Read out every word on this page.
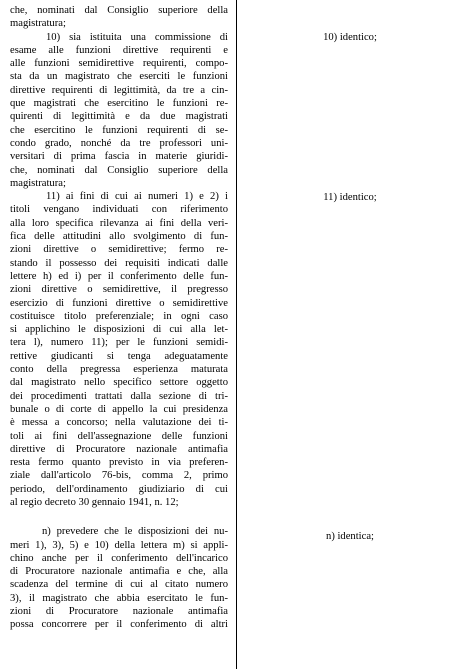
che, nominati dal Consiglio superiore della
magistratura;
10) sia istituita una commissione di
esame alle funzioni direttive requirenti e
alle funzioni semidirettive requirenti, compo-
sta da un magistrato che eserciti le funzioni
direttive requirenti di legittimità, da tre a cin-
que magistrati che esercitino le funzioni re-
quirenti di legittimità e da due magistrati
che esercitino le funzioni requirenti di se-
condo grado, nonché da tre professori uni-
versitari di prima fascia in materie giuridi-
che, nominati dal Consiglio superiore della
magistratura;
11) ai fini di cui ai numeri 1) e 2) i
titoli vengano individuati con riferimento
alla loro specifica rilevanza ai fini della veri-
fica delle attitudini allo svolgimento di fun-
zioni direttive o semidirettive; fermo re-
stando il possesso dei requisiti indicati dalle
lettere h) ed i) per il conferimento delle fun-
zioni direttive o semidirettive, il pregresso
esercizio di funzioni direttive o semidirettive
costituisce titolo preferenziale; in ogni caso
si applichino le disposizioni di cui alla let-
tera l), numero 11); per le funzioni semidi-
rettive giudicanti si tenga adeguatamente
conto della pregressa esperienza maturata
dal magistrato nello specifico settore oggetto
dei procedimenti trattati dalla sezione di tri-
bunale o di corte di appello la cui presidenza
è messa a concorso; nella valutazione dei ti-
toli ai fini dell'assegnazione delle funzioni
direttive di Procuratore nazionale antimafia
resta fermo quanto previsto in via preferen-
ziale dall'articolo 76-bis, comma 2, primo
periodo, dell'ordinamento giudiziario di cui
al regio decreto 30 gennaio 1941, n. 12;
n) prevedere che le disposizioni dei nu-
meri 1), 3), 5) e 10) della lettera m) si appli-
chino anche per il conferimento dell'incarico
di Procuratore nazionale antimafia e che, alla
scadenza del termine di cui al citato numero
3), il magistrato che abbia esercitato le fun-
zioni di Procuratore nazionale antimafia
possa concorrere per il conferimento di altri
10) identico;
11) identico;
n) identica;
